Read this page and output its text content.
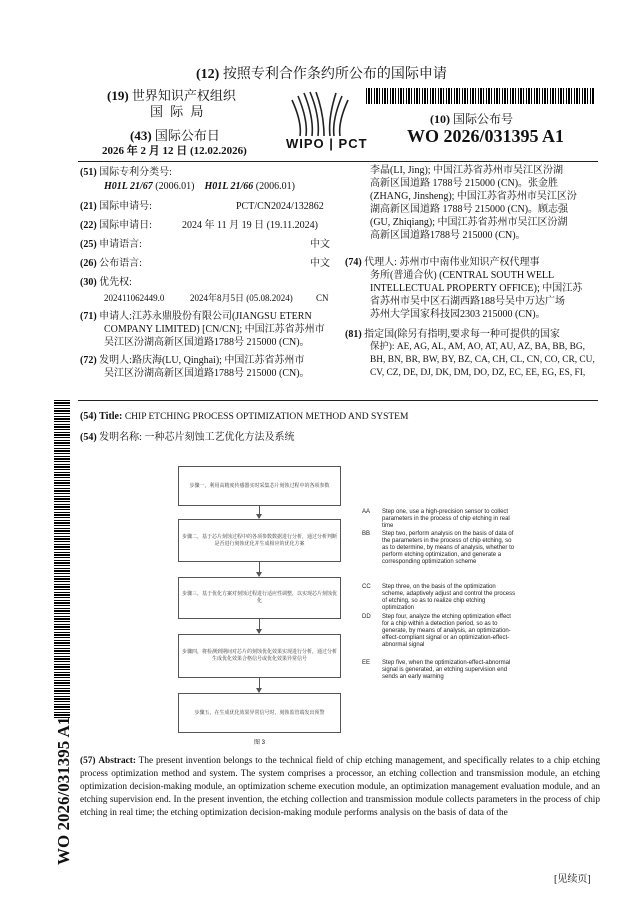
(12) 按照专利合作条约所公布的国际申请
(19) 世界知识产权组织
国 际 局
(43) 国际公布日
2026 年 2 月 12 日 (12.02.2026)	WIPO | PCT
(10) 国际公布号
WO 2026/031395 A1
(51) 国际专利分类号:
H01L 21/67 (2006.01) H01L 21/66 (2006.01)
(21) 国际申请号:	PCT/CN2024/132862
(22) 国际申请日:	2024 年 11 月 19 日 (19.11.2024)
(25) 申请语言:	中文
(26) 公布语言:	中文
(30) 优先权:
202411062449.0	2024年8月5日 (05.08.2024)	CN
(71) 申请人:江苏永鼎股份有限公司(JIANGSU ETERN
COMPANY LIMITED) [CN/CN]; 中国江苏省苏州市
吴江区汾湖高新区国道路1788号 215000 (CN)。
(72) 发明人:路庆海(LU, Qinghai); 中国江苏省苏州市
吴江区汾湖高新区国道路1788号 215000 (CN)。
李晶(LI, Jing); 中国江苏省苏州市吴江区汾湖
高新区国道路 1788号 215000 (CN)。张金胜
(ZHANG, Jinsheng); 中国江苏省苏州市吴江区汾
湖高新区国道路 1788号 215000 (CN)。顾志强
(GU, Zhiqiang); 中国江苏省苏州市吴江区汾湖
高新区国道路1788号 215000 (CN)。
(74) 代理人: 苏州市中南伟业知识产权代理事
务所(普通合伙) (CENTRAL SOUTH WELL
INTELLECTUAL PROPERTY OFFICE); 中国江苏
省苏州市吴中区石湖西路188号吴中万达广场
苏州大学国家科技园2303 215000 (CN)。
(81) 指定国(除另有指明,要求每一种可提供的国家
保护): AE, AG, AL, AM, AO, AT, AU, AZ, BA, BB, BG,
BH, BN, BR, BW, BY, BZ, CA, CH, CL, CN, CO, CR, CU,
CV, CZ, DE, DJ, DK, DM, DO, DZ, EC, EE, EG, ES, FI,
WO 2026/031395 A1
(54) Title: CHIP ETCHING PROCESS OPTIMIZATION METHOD AND SYSTEM
(54) 发明名称: 一种芯片刻蚀工艺优化方法及系统
步骤一，利用高精度传感器实时采集芯片刻蚀过程中的各项参数
步骤二，基于芯片刻蚀过程中的各项参数数据进行分析，通过分析判断是否进行刻蚀优化并生成相应的优化方案
步骤三，基于优化方案对刻蚀过程进行适应性调整，以实现芯片刻蚀优化
步骤四，将检测到期间对芯片的刻蚀优化效果实现进行分析，通过分析生成优化效果合格信号或优化效果异常信号
步骤五，在生成优化效果异常信号时，刻蚀监管端发出预警
图 3
AA Step one, use a high-precision sensor to collect parameters in the process of chip etching in real time
BB Step two, perform analysis on the basis of data of the parameters in the process of chip etching, so as to determine, by means of analysis, whether to perform etching optimization, and generate a corresponding optimization scheme
CC Step three, on the basis of the optimization scheme, adaptively adjust and control the process of etching, so as to realize chip etching optimization
DD Step four, analyze the etching optimization effect for a chip within a detection period, so as to generate, by means of analysis, an optimization-effect-compliant signal or an optimization-effect-abnormal signal
EE Step five, when the optimization-effect-abnormal signal is generated, an etching supervision end sends an early warning
(57) Abstract: The present invention belongs to the technical field of chip etching management, and specifically relates to a chip etching process optimization method and system. The system comprises a processor, an etching collection and transmission module, an etching optimization decision-making module, an optimization scheme execution module, an optimization management evaluation module, and an etching supervision end. In the present invention, the etching collection and transmission module collects parameters in the process of chip etching in real time; the etching optimization decision-making module performs analysis on the basis of data of the
[见续页]
